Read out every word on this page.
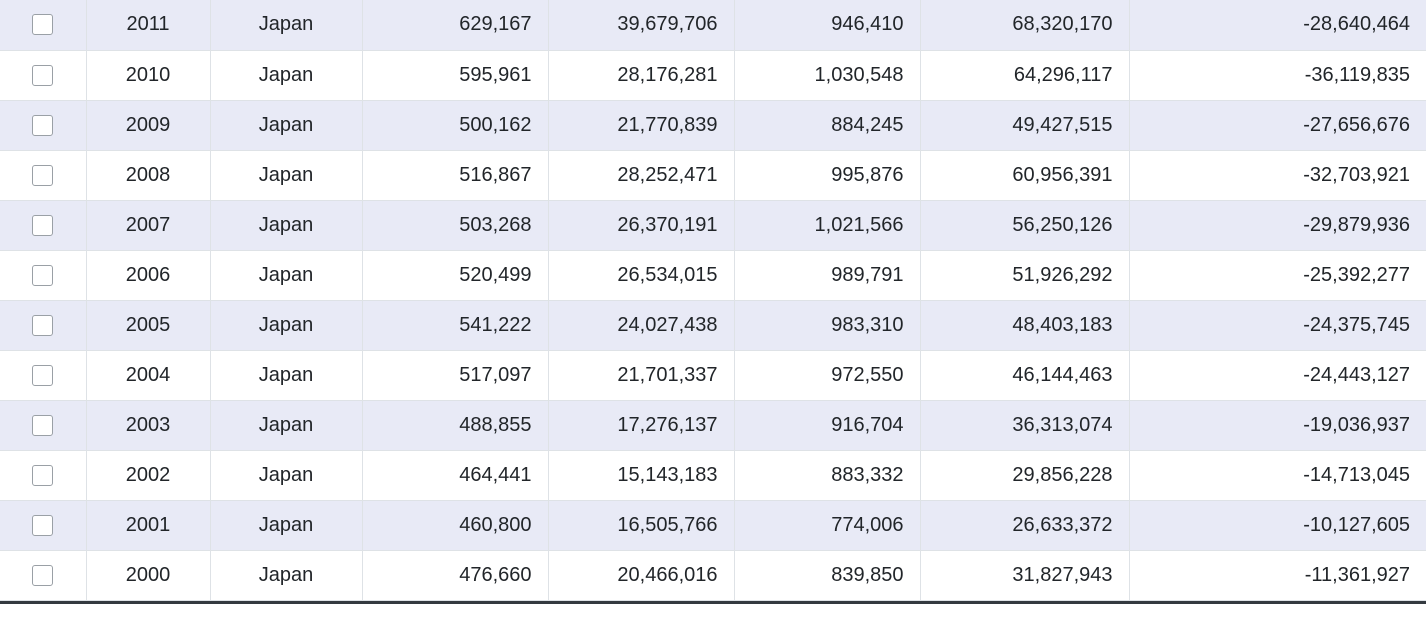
	2011	Japan	629,167	39,679,706	946,410	68,320,170	-28,640,464
	2010	Japan	595,961	28,176,281	1,030,548	64,296,117	-36,119,835
	2009	Japan	500,162	21,770,839	884,245	49,427,515	-27,656,676
	2008	Japan	516,867	28,252,471	995,876	60,956,391	-32,703,921
	2007	Japan	503,268	26,370,191	1,021,566	56,250,126	-29,879,936
	2006	Japan	520,499	26,534,015	989,791	51,926,292	-25,392,277
	2005	Japan	541,222	24,027,438	983,310	48,403,183	-24,375,745
	2004	Japan	517,097	21,701,337	972,550	46,144,463	-24,443,127
	2003	Japan	488,855	17,276,137	916,704	36,313,074	-19,036,937
	2002	Japan	464,441	15,143,183	883,332	29,856,228	-14,713,045
	2001	Japan	460,800	16,505,766	774,006	26,633,372	-10,127,605
	2000	Japan	476,660	20,466,016	839,850	31,827,943	-11,361,927
